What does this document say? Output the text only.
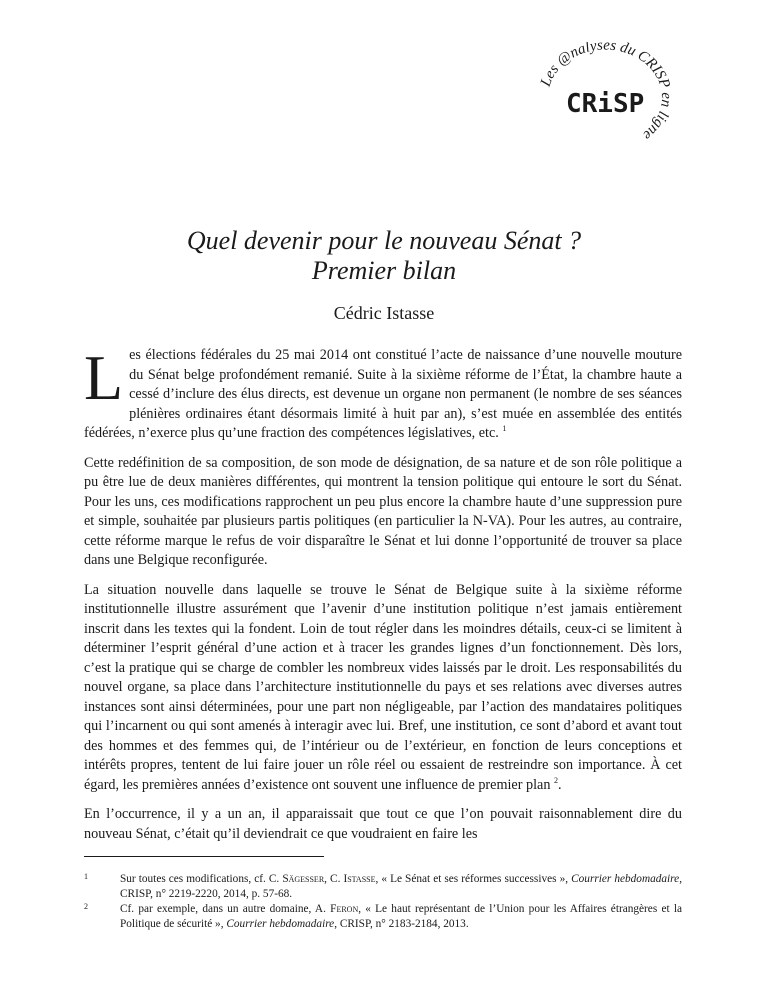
Les @nalyses du CRISP en ligne
CRiSP
Quel devenir pour le nouveau Sénat ?
Premier bilan
Cédric Istasse

Les élections fédérales du 25 mai 2014 ont constitué l’acte de naissance d’une nouvelle mouture du Sénat belge profondément remanié. Suite à la sixième réforme de l’État, la chambre haute a cessé d’inclure des élus directs, est devenue un organe non permanent (le nombre de ses séances plénières ordinaires étant désormais limité à huit par an), s’est muée en assemblée des entités fédérées, n’exerce plus qu’une fraction des compétences législatives, etc. $^1$

Cette redéfinition de sa composition, de son mode de désignation, de sa nature et de son rôle politique a pu être lue de deux manières différentes, qui montrent la tension politique qui entoure le sort du Sénat. Pour les uns, ces modifications rapprochent un peu plus encore la chambre haute d’une suppression pure et simple, souhaitée par plusieurs partis politiques (en particulier la N-VA). Pour les autres, au contraire, cette réforme marque le refus de voir disparaître le Sénat et lui donne l’opportunité de trouver sa place dans une Belgique reconfigurée.

La situation nouvelle dans laquelle se trouve le Sénat de Belgique suite à la sixième réforme institutionnelle illustre assurément que l’avenir d’une institution politique n’est jamais entièrement inscrit dans les textes qui la fondent. Loin de tout régler dans les moindres détails, ceux-ci se limitent à déterminer l’esprit général d’une action et à tracer les grandes lignes d’un fonctionnement. Dès lors, c’est la pratique qui se charge de combler les nombreux vides laissés par le droit. Les responsabilités du nouvel organe, sa place dans l’architecture institutionnelle du pays et ses relations avec diverses autres instances sont ainsi déterminées, pour une part non négligeable, par l’action des mandataires politiques qui l’incarnent ou qui sont amenés à interagir avec lui. Bref, une institution, ce sont d’abord et avant tout des hommes et des femmes qui, de l’intérieur ou de l’extérieur, en fonction de leurs conceptions et intérêts propres, tentent de lui faire jouer un rôle réel ou essaient de restreindre son importance. À cet égard, les premières années d’existence ont souvent une influence de premier plan $^2$.

En l’occurrence, il y a un an, il apparaissait que tout ce que l’on pouvait raisonnablement dire du nouveau Sénat, c’était qu’il deviendrait ce que voudraient en faire les

1	Sur toutes ces modifications, cf. C. Sägesser, C. Istasse, « Le Sénat et ses réformes successives », Courrier hebdomadaire, CRISP, n° 2219-2220, 2014, p. 57-68.
2	Cf. par exemple, dans un autre domaine, A. Feron, « Le haut représentant de l’Union pour les Affaires étrangères et la Politique de sécurité », Courrier hebdomadaire, CRISP, n° 2183-2184, 2013.
